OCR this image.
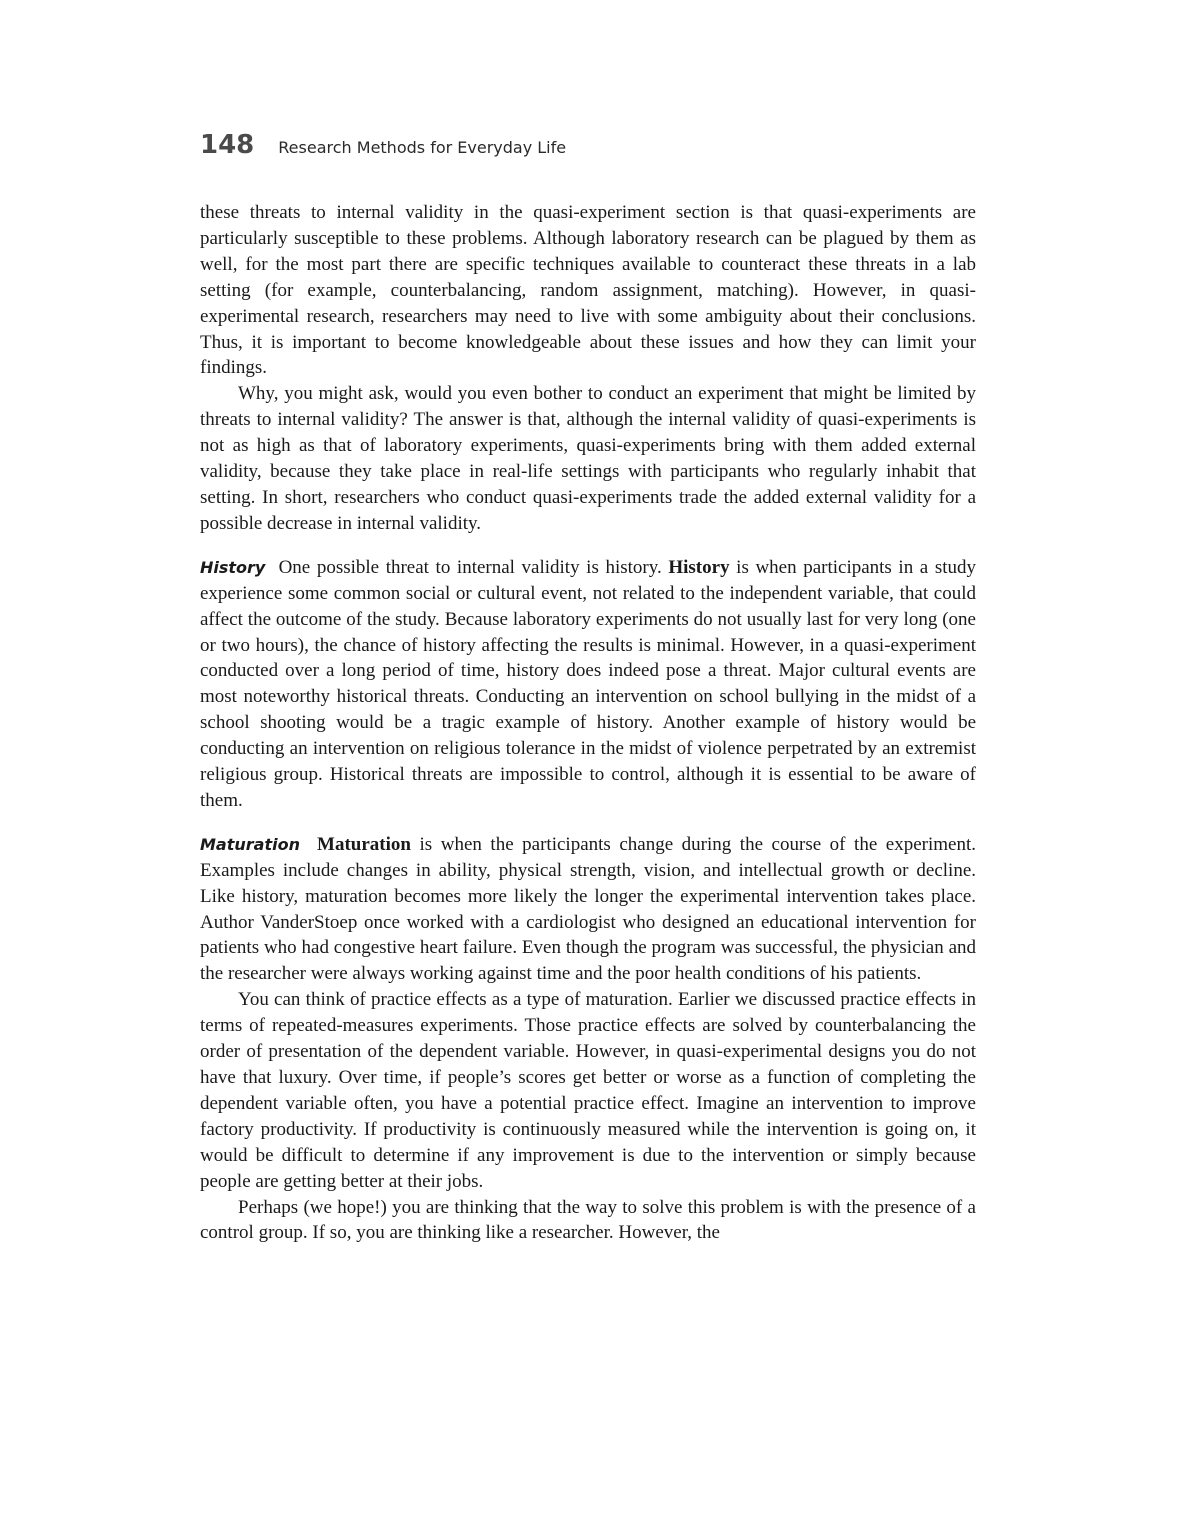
148 Research Methods for Everyday Life

these threats to internal validity in the quasi-experiment section is that quasi-experiments are particularly susceptible to these problems. Although laboratory research can be plagued by them as well, for the most part there are specific techniques available to counteract these threats in a lab setting (for example, counterbalancing, random assignment, matching). However, in quasi-experimental research, researchers may need to live with some ambiguity about their conclusions. Thus, it is important to become knowledgeable about these issues and how they can limit your findings.

Why, you might ask, would you even bother to conduct an experiment that might be limited by threats to internal validity? The answer is that, although the internal validity of quasi-experiments is not as high as that of laboratory experiments, quasi-experiments bring with them added external validity, because they take place in real-life settings with participants who regularly inhabit that setting. In short, researchers who conduct quasi-experiments trade the added external validity for a possible decrease in internal validity.

History One possible threat to internal validity is history. History is when participants in a study experience some common social or cultural event, not related to the independent variable, that could affect the outcome of the study. Because laboratory experiments do not usually last for very long (one or two hours), the chance of history affecting the results is minimal. However, in a quasi-experiment conducted over a long period of time, history does indeed pose a threat. Major cultural events are most noteworthy historical threats. Conducting an intervention on school bullying in the midst of a school shooting would be a tragic example of history. Another example of history would be conducting an intervention on religious tolerance in the midst of violence perpetrated by an extremist religious group. Historical threats are impossible to control, although it is essential to be aware of them.

Maturation Maturation is when the participants change during the course of the experiment. Examples include changes in ability, physical strength, vision, and intellectual growth or decline. Like history, maturation becomes more likely the longer the experimental intervention takes place. Author VanderStoep once worked with a cardiologist who designed an educational intervention for patients who had congestive heart failure. Even though the program was successful, the physician and the researcher were always working against time and the poor health conditions of his patients.

You can think of practice effects as a type of maturation. Earlier we discussed practice effects in terms of repeated-measures experiments. Those practice effects are solved by counterbalancing the order of presentation of the dependent variable. However, in quasi-experimental designs you do not have that luxury. Over time, if people’s scores get better or worse as a function of completing the dependent variable often, you have a potential practice effect. Imagine an intervention to improve factory productivity. If productivity is continuously measured while the intervention is going on, it would be difficult to determine if any improvement is due to the intervention or simply because people are getting better at their jobs.

Perhaps (we hope!) you are thinking that the way to solve this problem is with the presence of a control group. If so, you are thinking like a researcher. However, the
